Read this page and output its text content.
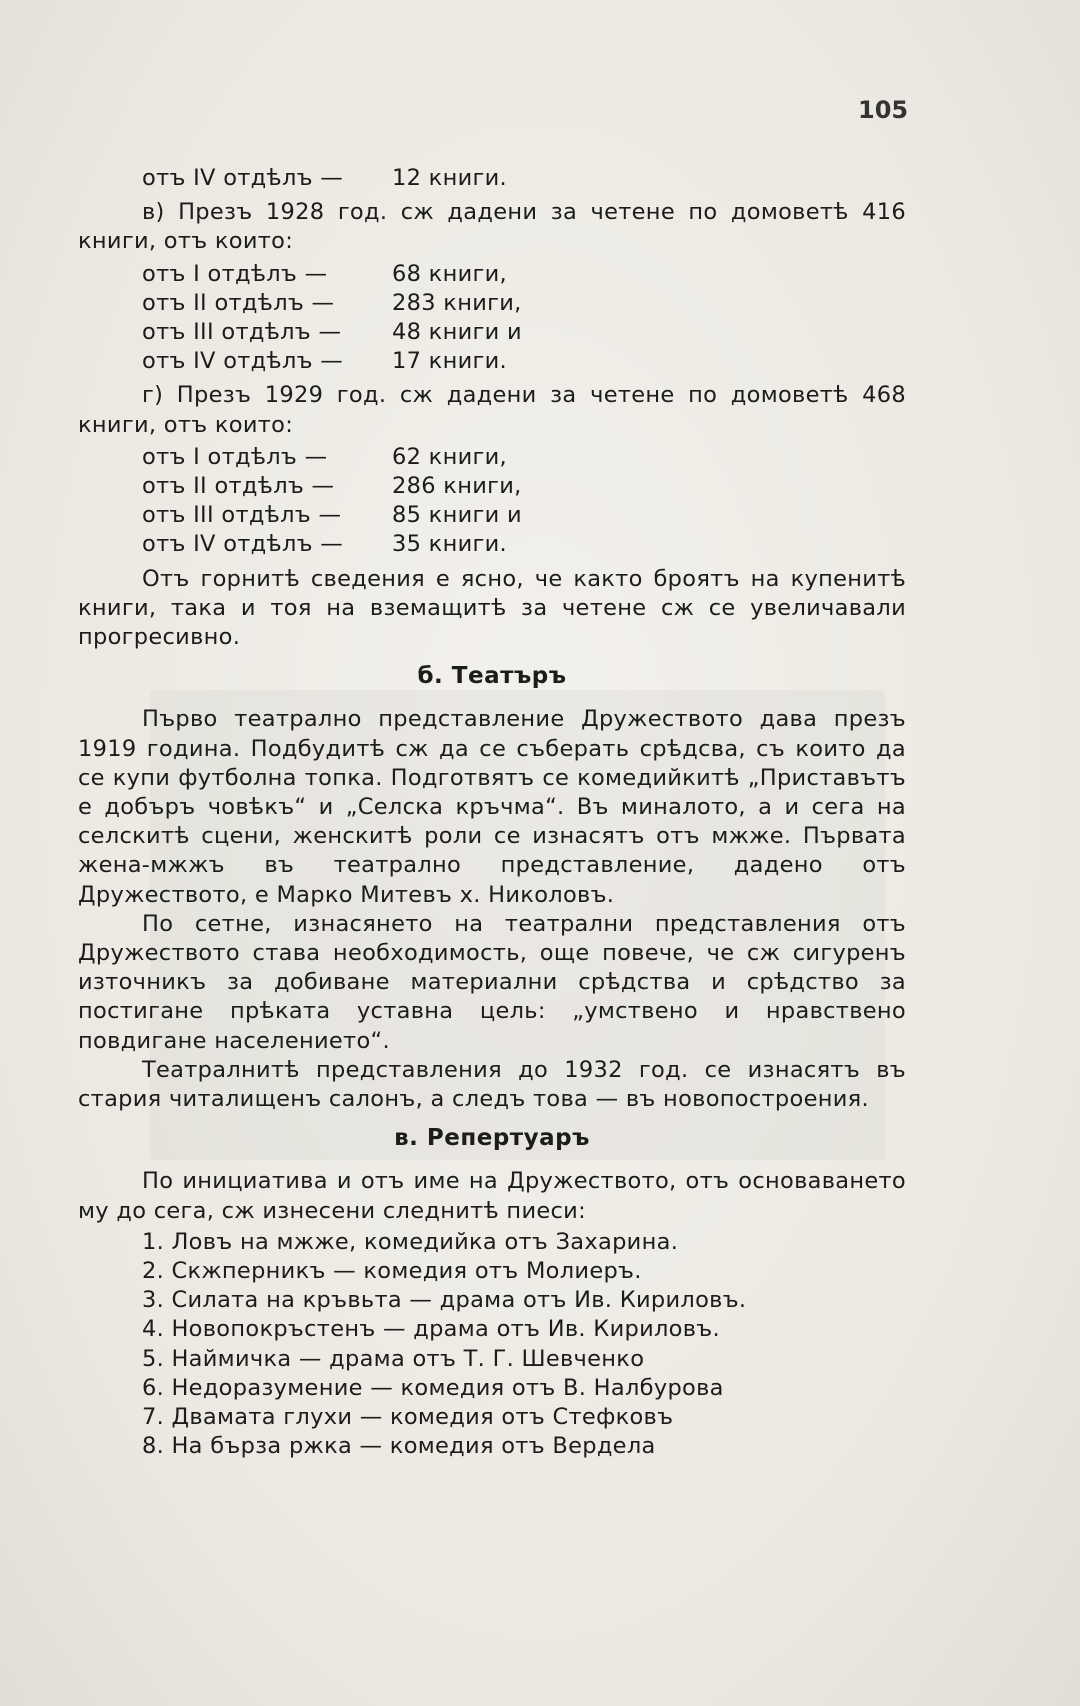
105
отъ IV отдѣлъ —	12 книги.

в) Презъ 1928 год. сж дадени за четене по домоветѣ 416 книги, отъ които:

отъ I отдѣлъ —	68 книги,
отъ II отдѣлъ —	283 книги,
отъ III отдѣлъ —	48 книги и
отъ IV отдѣлъ —	17 книги.

г) Презъ 1929 год. сж дадени за четене по домоветѣ 468 книги, отъ които:

отъ I отдѣлъ —	62 книги,
отъ II отдѣлъ —	286 книги,
отъ III отдѣлъ —	85 книги и
отъ IV отдѣлъ —	35 книги.

Отъ горнитѣ сведения е ясно, че както броятъ на купенитѣ книги, така и тоя на вземащитѣ за четене сж се увеличавали прогресивно.

б. Театъръ

Първо театрално представление Дружеството дава презъ 1919 година. Подбудитѣ сж да се съберать срѣдсва, съ които да се купи футболна топка. Подготвятъ се комедийкитѣ „Приставътъ е добъръ човѣкъ“ и „Селска кръчма“. Въ миналото, а и сега на селскитѣ сцени, женскитѣ роли се изнасятъ отъ мжже. Първата жена-мжжъ въ театрално представление, дадено отъ Дружеството, е Марко Митевъ х. Николовъ.

По сетне, изнасянето на театрални представления отъ Дружеството става необходимость, още повече, че сж сигуренъ източникъ за добиване материални срѣдства и срѣдство за постигане прѣката уставна цель: „умствено и нравствено повдигане населението“.

Театралнитѣ представления до 1932 год. се изнасятъ въ стария читалищенъ салонъ, а следъ това — въ новопостроения.

в. Репертуаръ

По инициатива и отъ име на Дружеството, отъ основаването му до сега, сж изнесени следнитѣ пиеси:

1. Ловъ на мжже, комедийка отъ Захарина.
2. Скжперникъ — комедия отъ Молиеръ.
3. Силата на кръвьта — драма отъ Ив. Кириловъ.
4. Новопокръстенъ — драма отъ Ив. Кириловъ.
5. Наймичка — драма отъ Т. Г. Шевченко
6. Недоразумение — комедия отъ В. Налбурова
7. Двамата глухи — комедия отъ Стефковъ
8. На бърза ржка — комедия отъ Вердела
